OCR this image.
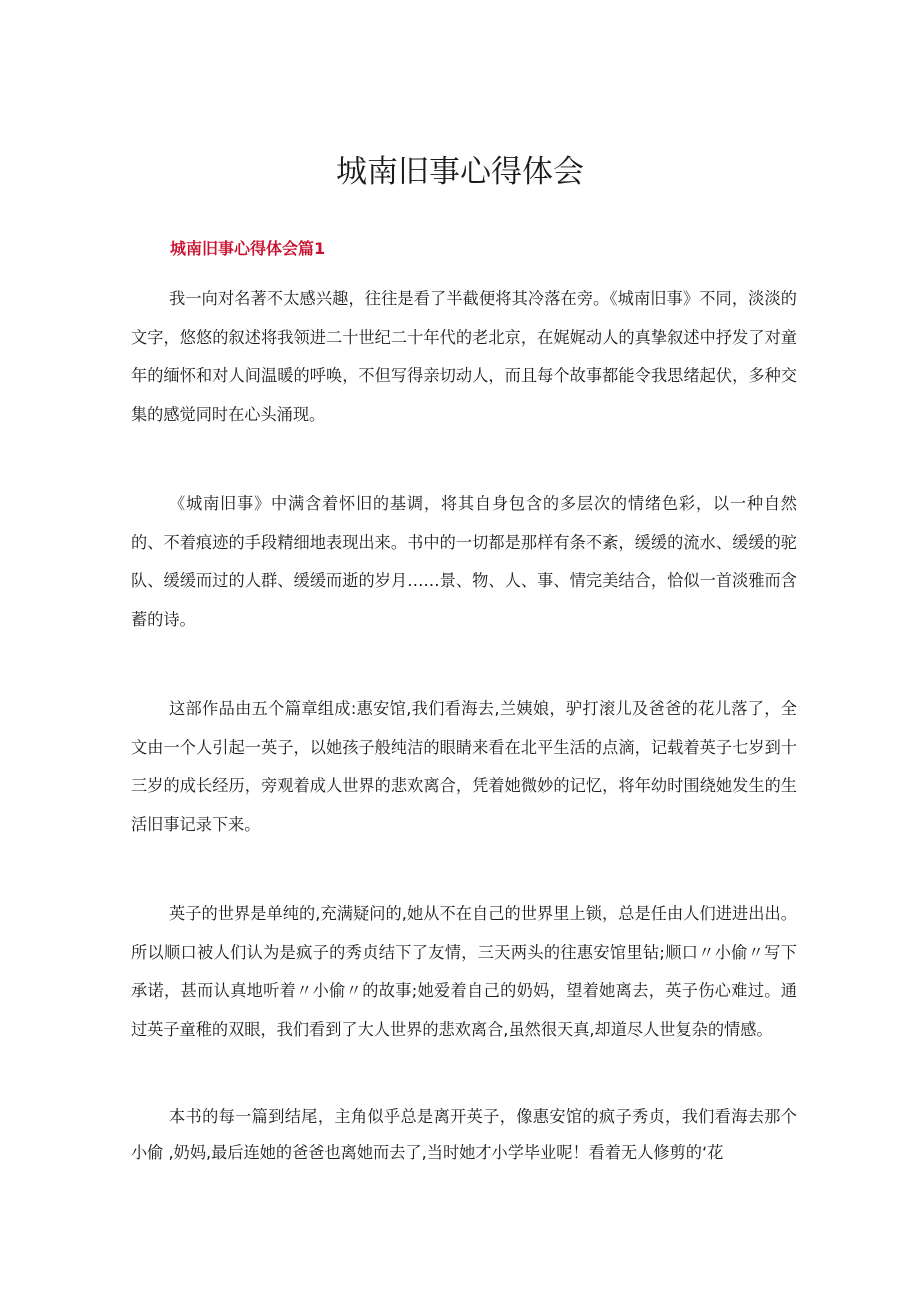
城南旧事心得体会
城南旧事心得体会篇1

我一向对名著不太感兴趣，往往是看了半截便将其冷落在旁。《城南旧事》不同，淡淡的文字，悠悠的叙述将我领进二十世纪二十年代的老北京，在娓娓动人的真挚叙述中抒发了对童年的缅怀和对人间温暖的呼唤，不但写得亲切动人，而且每个故事都能令我思绪起伏，多种交集的感觉同时在心头涌现。

《城南旧事》中满含着怀旧的基调，将其自身包含的多层次的情绪色彩，以一种自然的、不着痕迹的手段精细地表现出来。书中的一切都是那样有条不紊，缓缓的流水、缓缓的驼队、缓缓而过的人群、缓缓而逝的岁月……景、物、人、事、情完美结合，恰似一首淡雅而含蓄的诗。

这部作品由五个篇章组成:惠安馆,我们看海去,兰姨娘，驴打滚儿及爸爸的花儿落了，全文由一个人引起一英子，以她孩子般纯洁的眼睛来看在北平生活的点滴，记载着英子七岁到十三岁的成长经历，旁观着成人世界的悲欢离合，凭着她微妙的记忆，将年幼时围绕她发生的生活旧事记录下来。

英子的世界是单纯的,充满疑问的,她从不在自己的世界里上锁，总是任由人们进进出出。所以顺口被人们认为是疯子的秀贞结下了友情，三天两头的往惠安馆里钻;顺口〃小偷〃写下承诺，甚而认真地听着〃小偷〃的故事;她爱着自己的奶妈，望着她离去，英子伤心难过。通过英子童稚的双眼，我们看到了大人世界的悲欢离合,虽然很天真,却道尽人世复杂的情感。

本书的每一篇到结尾，主角似乎总是离开英子，像惠安馆的疯子秀贞，我们看海去那个小偷 ,奶妈,最后连她的爸爸也离她而去了,当时她才小学毕业呢！看着无人修剪的‘花
